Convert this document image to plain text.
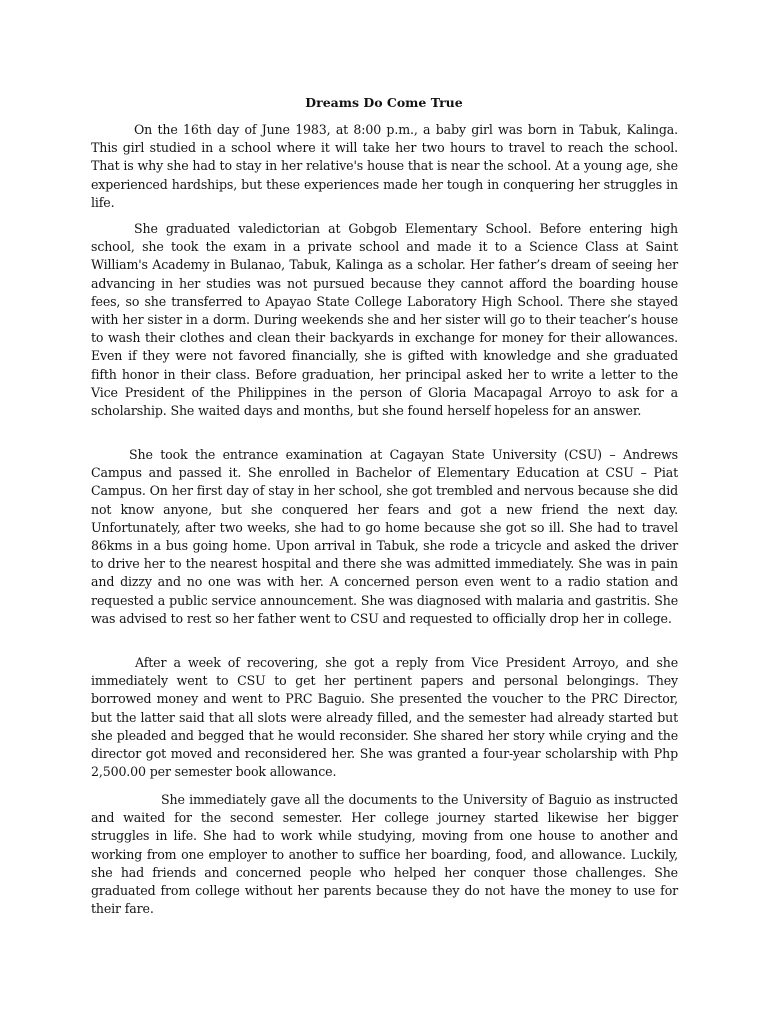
Dreams Do Come True

On the 16th day of June 1983, at 8:00 p.m., a baby girl was born in Tabuk, Kalinga. This girl studied in a school where it will take her two hours to travel to reach the school. That is why she had to stay in her relative's house that is near the school. At a young age, she experienced hardships, but these experiences made her tough in conquering her struggles in life.

She graduated valedictorian at Gobgob Elementary School. Before entering high school, she took the exam in a private school and made it to a Science Class at Saint William's Academy in Bulanao, Tabuk, Kalinga as a scholar. Her father’s dream of seeing her advancing in her studies was not pursued because they cannot afford the boarding house fees, so she transferred to Apayao State College Laboratory High School. There she stayed with her sister in a dorm. During weekends she and her sister will go to their teacher’s house to wash their clothes and clean their backyards in exchange for money for their allowances. Even if they were not favored financially, she is gifted with knowledge and she graduated fifth honor in their class. Before graduation, her principal asked her to write a letter to the Vice President of the Philippines in the person of Gloria Macapagal Arroyo to ask for a scholarship. She waited days and months, but she found herself hopeless for an answer.

She took the entrance examination at Cagayan State University (CSU) – Andrews Campus and passed it. She enrolled in Bachelor of Elementary Education at CSU – Piat Campus. On her first day of stay in her school, she got trembled and nervous because she did not know anyone, but she conquered her fears and got a new friend the next day. Unfortunately, after two weeks, she had to go home because she got so ill. She had to travel 86kms in a bus going home. Upon arrival in Tabuk, she rode a tricycle and asked the driver to drive her to the nearest hospital and there she was admitted immediately. She was in pain and dizzy and no one was with her. A concerned person even went to a radio station and requested a public service announcement. She was diagnosed with malaria and gastritis. She was advised to rest so her father went to CSU and requested to officially drop her in college.

After a week of recovering, she got a reply from Vice President Arroyo, and she immediately went to CSU to get her pertinent papers and personal belongings. They borrowed money and went to PRC Baguio. She presented the voucher to the PRC Director, but the latter said that all slots were already filled, and the semester had already started but she pleaded and begged that he would reconsider. She shared her story while crying and the director got moved and reconsidered her. She was granted a four-year scholarship with Php 2,500.00 per semester book allowance.

She immediately gave all the documents to the University of Baguio as instructed and waited for the second semester. Her college journey started likewise her bigger struggles in life. She had to work while studying, moving from one house to another and working from one employer to another to suffice her boarding, food, and allowance. Luckily, she had friends and concerned people who helped her conquer those challenges. She graduated from college without her parents because they do not have the money to use for their fare.
